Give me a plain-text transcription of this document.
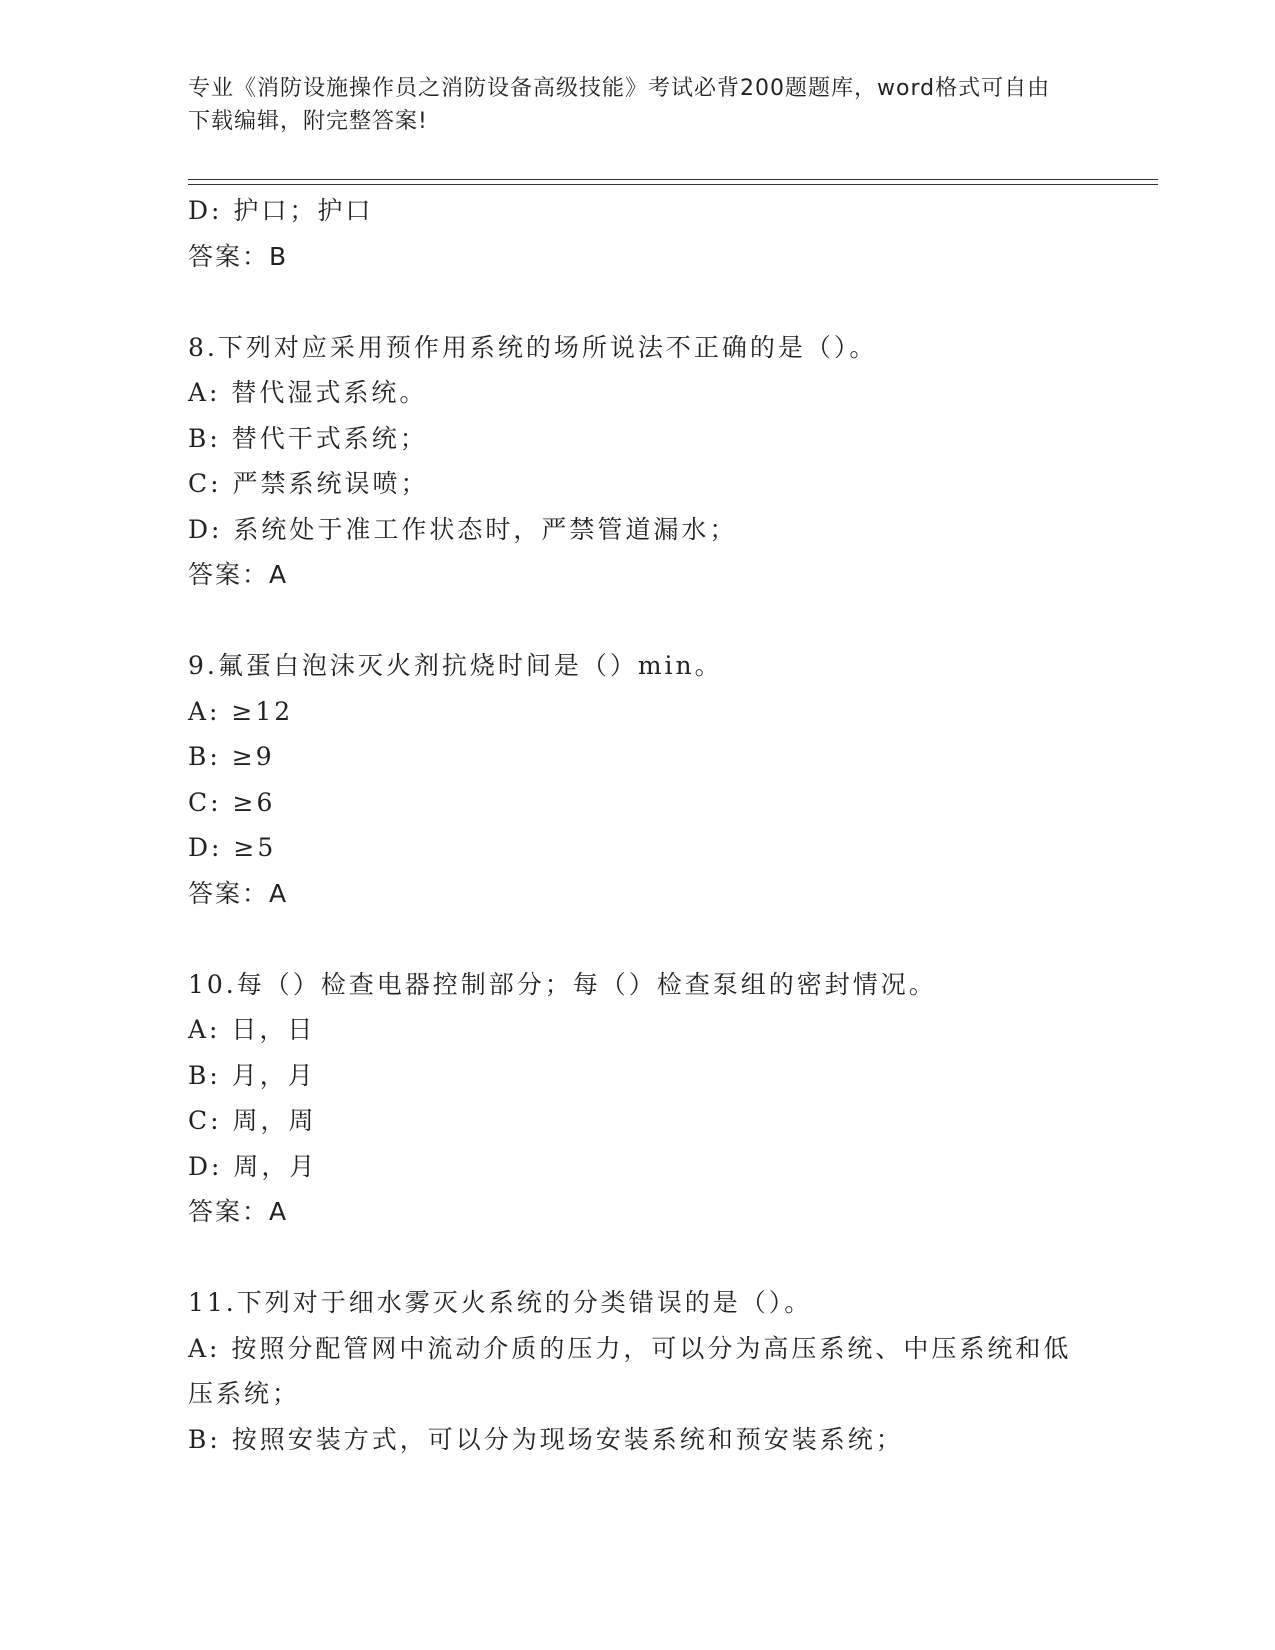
专业《消防设施操作员之消防设备高级技能》考试必背200题题库，word格式可自由下载编辑，附完整答案!
D: 护口；护口
答案：B
8.下列对应采用预作用系统的场所说法不正确的是（）。
A: 替代湿式系统。
B: 替代干式系统；
C: 严禁系统误喷；
D: 系统处于准工作状态时，严禁管道漏水；
答案：A
9.氟蛋白泡沫灭火剂抗烧时间是（）min。
A: ≥12
B: ≥9
C: ≥6
D: ≥5
答案：A
10.每（）检查电器控制部分；每（）检查泵组的密封情况。
A: 日，日
B: 月，月
C: 周，周
D: 周，月
答案：A
11.下列对于细水雾灭火系统的分类错误的是（）。
A: 按照分配管网中流动介质的压力，可以分为高压系统、中压系统和低压系统；
B: 按照安装方式，可以分为现场安装系统和预安装系统；
